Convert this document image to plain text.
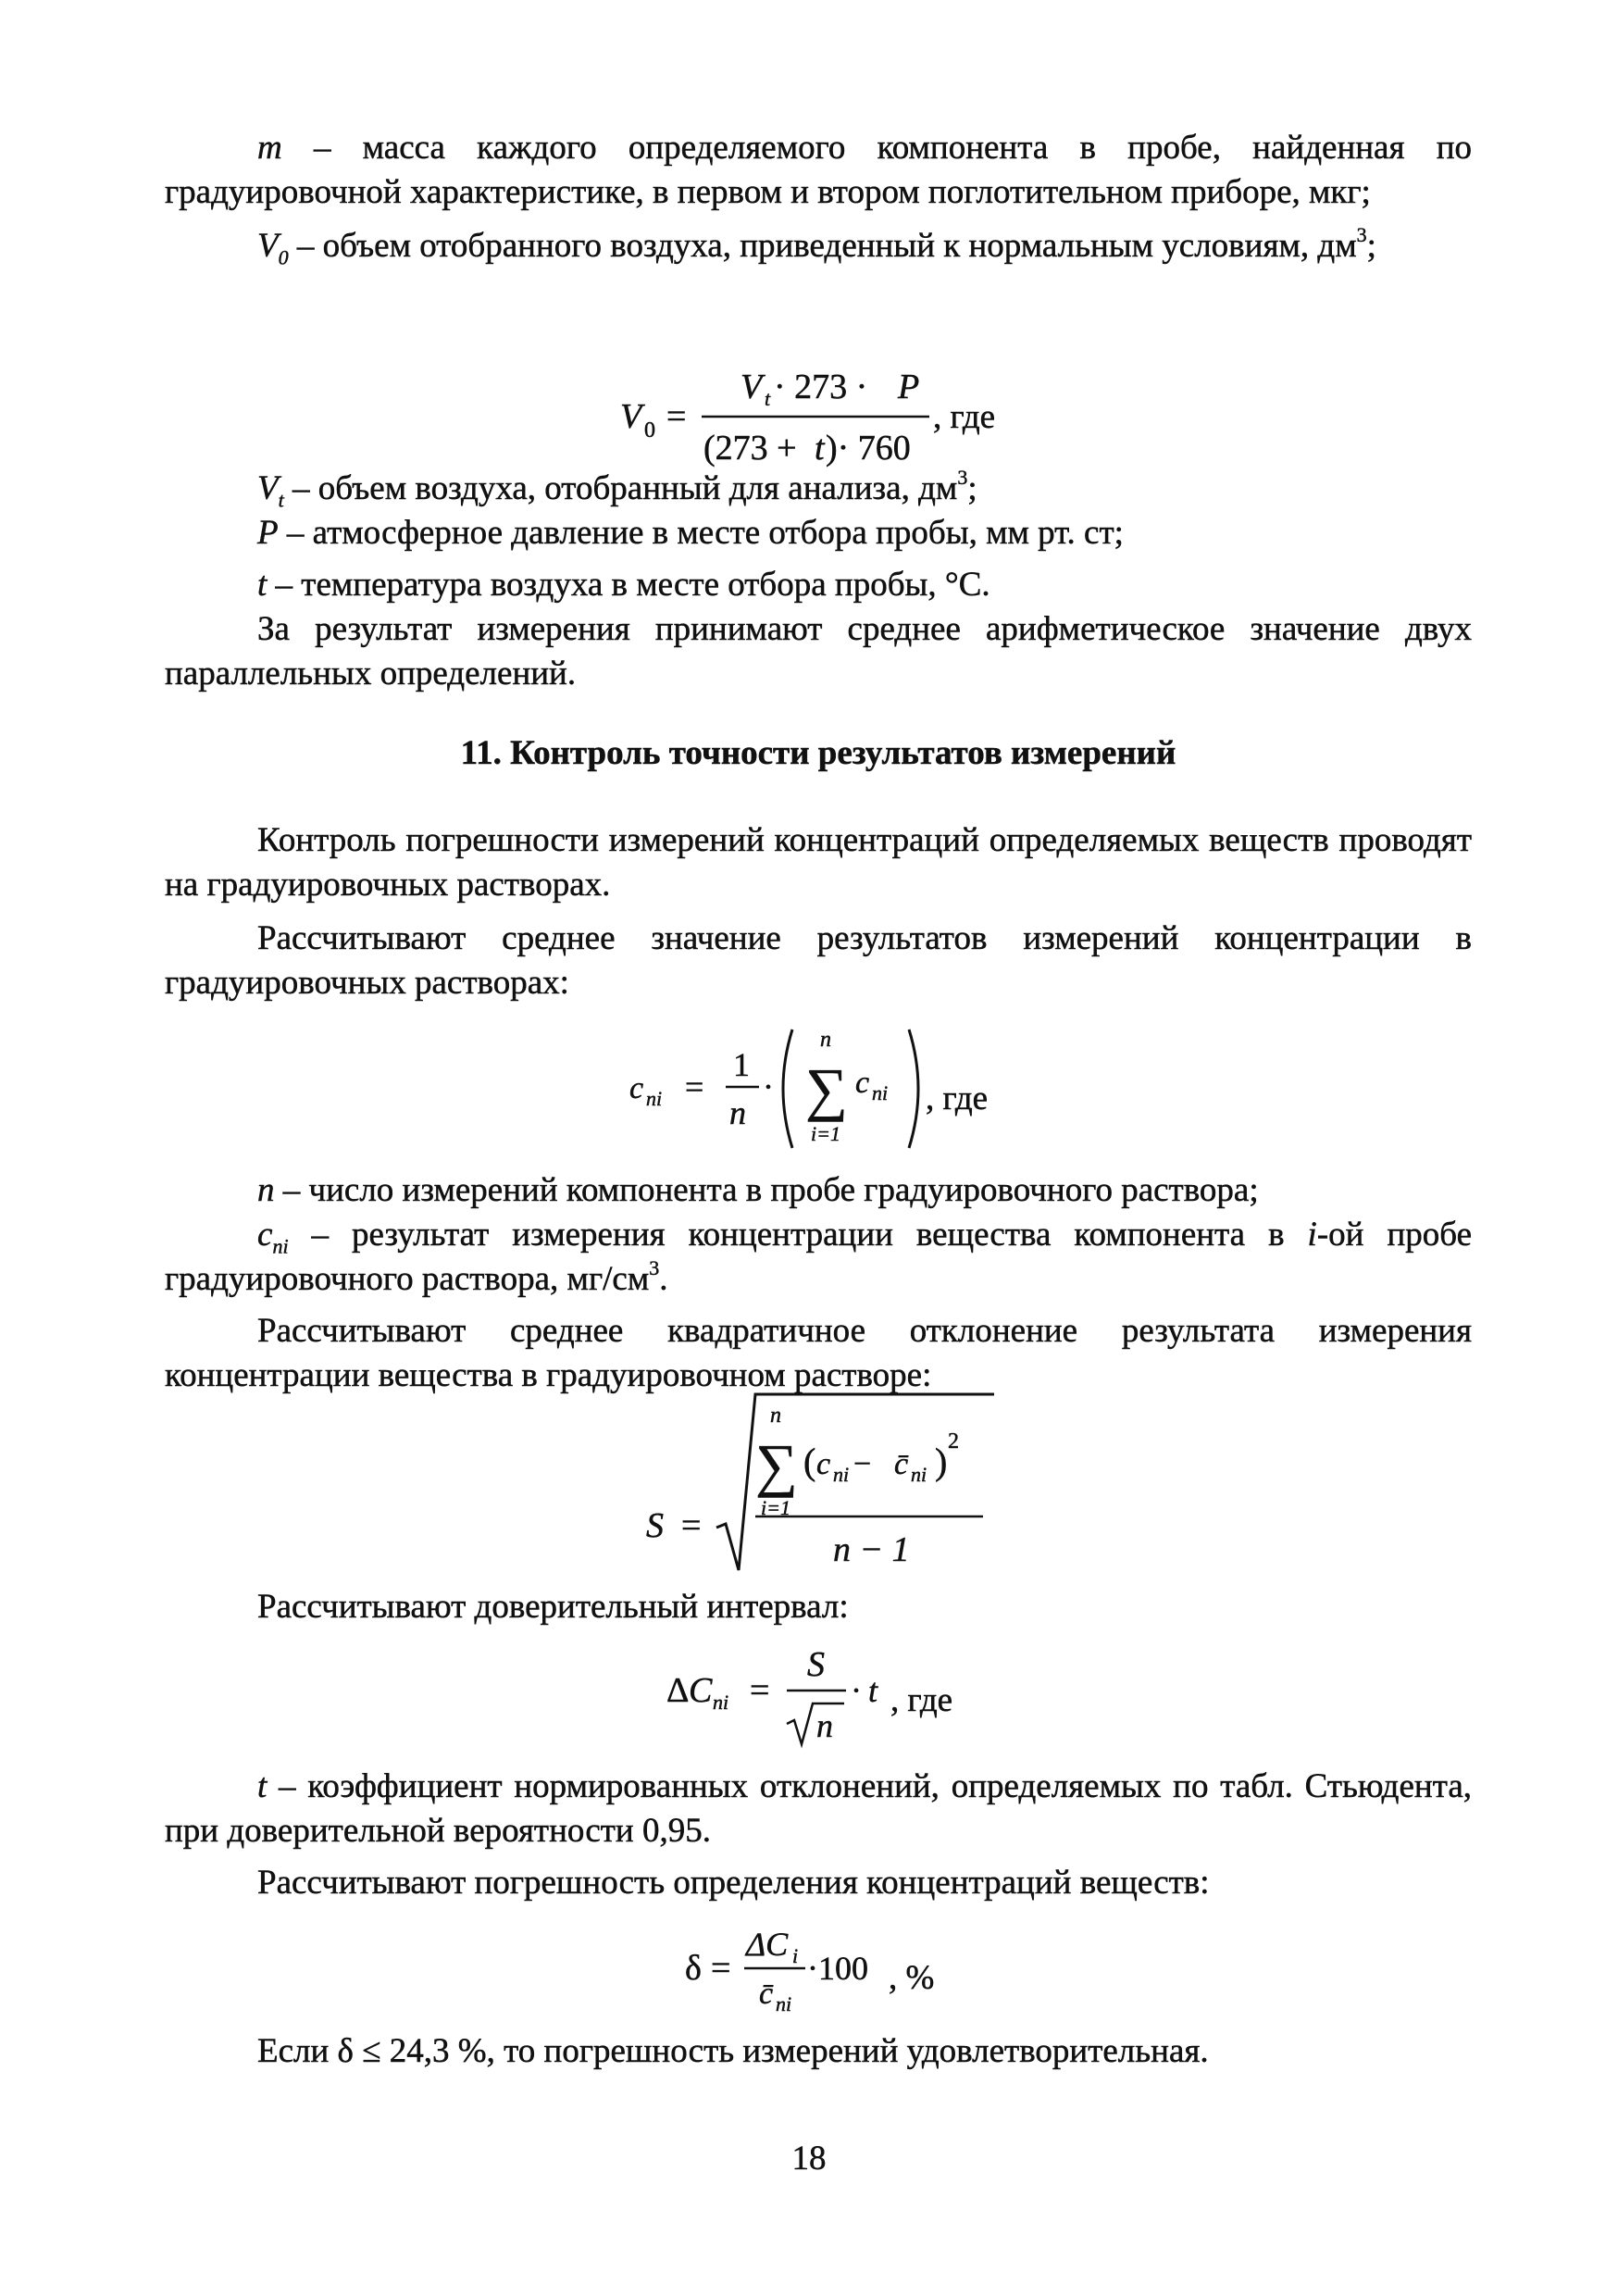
m – масса каждого определяемого компонента в пробе, найденная по градуировочной характеристике, в первом и втором поглотительном приборе, мкг;

$V_0$ – объем отобранного воздуха, приведенный к нормальным условиям, $дм^3$;

V 0 =
V t · 273 · P
(273 + t )· 760
, где

$V_t$ – объем воздуха, отобранный для анализа, $дм^3$;

P – атмосферное давление в месте отбора пробы, мм рт. ст;

t – температура воздуха в месте отбора пробы, °С.

За результат измерения принимают среднее арифметическое значение двух параллельных определений.

11. Контроль точности результатов измерений

Контроль погрешности измерений концентраций определяемых веществ проводят на градуировочных растворах.

Рассчитывают среднее значение результатов измерений концентрации в градуировочных растворах:

c ni =
1
n
·
n
∑
i=1
c ni , где

n – число измерений компонента в пробе градуировочного раствора;

$c_{ni}$ – результат измерения концентрации вещества компонента в i-ой пробе градуировочного раствора, $мг/см^3$.

Рассчитывают среднее квадратичное отклонение результата измерения концентрации вещества в градуировочном растворе:

S =
n
∑
i=1
( c ni − c̄ ni ) 2
n − 1

Рассчитывают доверительный интервал:

Δ C ni =
S
n
· t , где

t – коэффициент нормированных отклонений, определяемых по табл. Стьюдента, при доверительной вероятности 0,95.

Рассчитывают погрешность определения концентраций веществ:

δ =
ΔC i
c̄ ni
·100 , %

Если δ ≤ 24,3 %, то погрешность измерений удовлетворительная.

18
